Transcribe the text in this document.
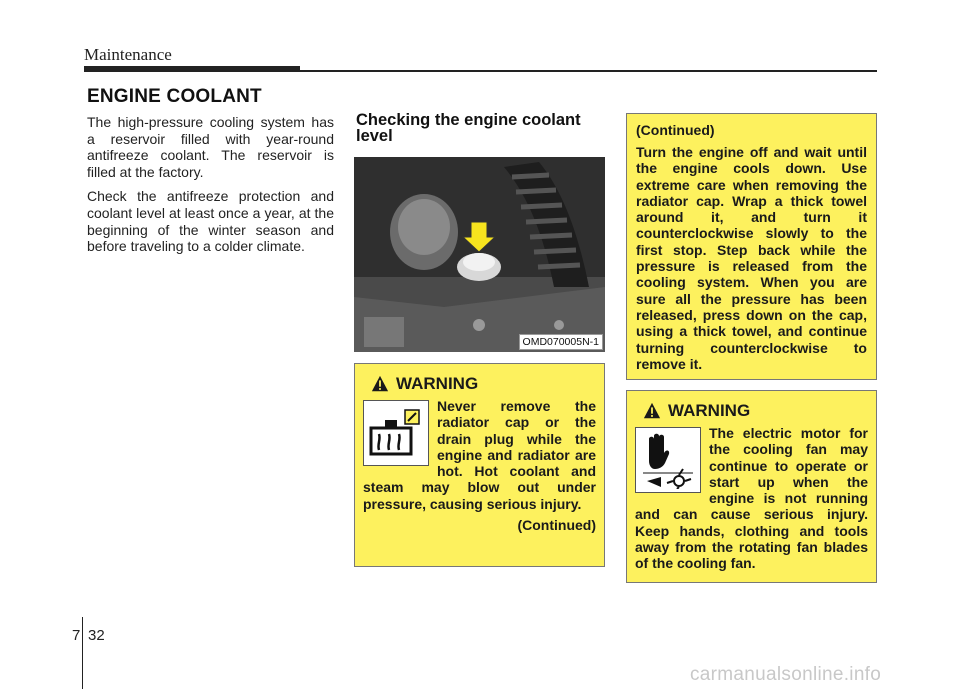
Maintenance
ENGINE COOLANT

The high-pressure cooling system has a reservoir filled with year-round antifreeze coolant. The reservoir is filled at the factory.

Check the antifreeze protection and coolant level at least once a year, at the beginning of the winter season and before traveling to a colder climate.

Checking the engine coolant level
OMD070005N-1
(Continued)
Turn the engine off and wait until the engine cools down. Use extreme care when removing the radiator cap. Wrap a thick towel around it, and turn it counterclockwise slowly to the first stop. Step back while the pressure is released from the cooling system. When you are sure all the pressure has been released, press down on the cap, using a thick towel, and continue turning counterclockwise to remove it.
WARNING
Never remove the radiator cap or the drain plug while the engine and radiator are hot. Hot coolant and steam may blow out under pressure, causing serious injury.
(Continued)
WARNING
The electric motor for the cooling fan may continue to operate or start up when the engine is not running and can cause serious injury. Keep hands, clothing and tools away from the rotating fan blades of the cooling fan.
7 32
carmanualsonline.info
